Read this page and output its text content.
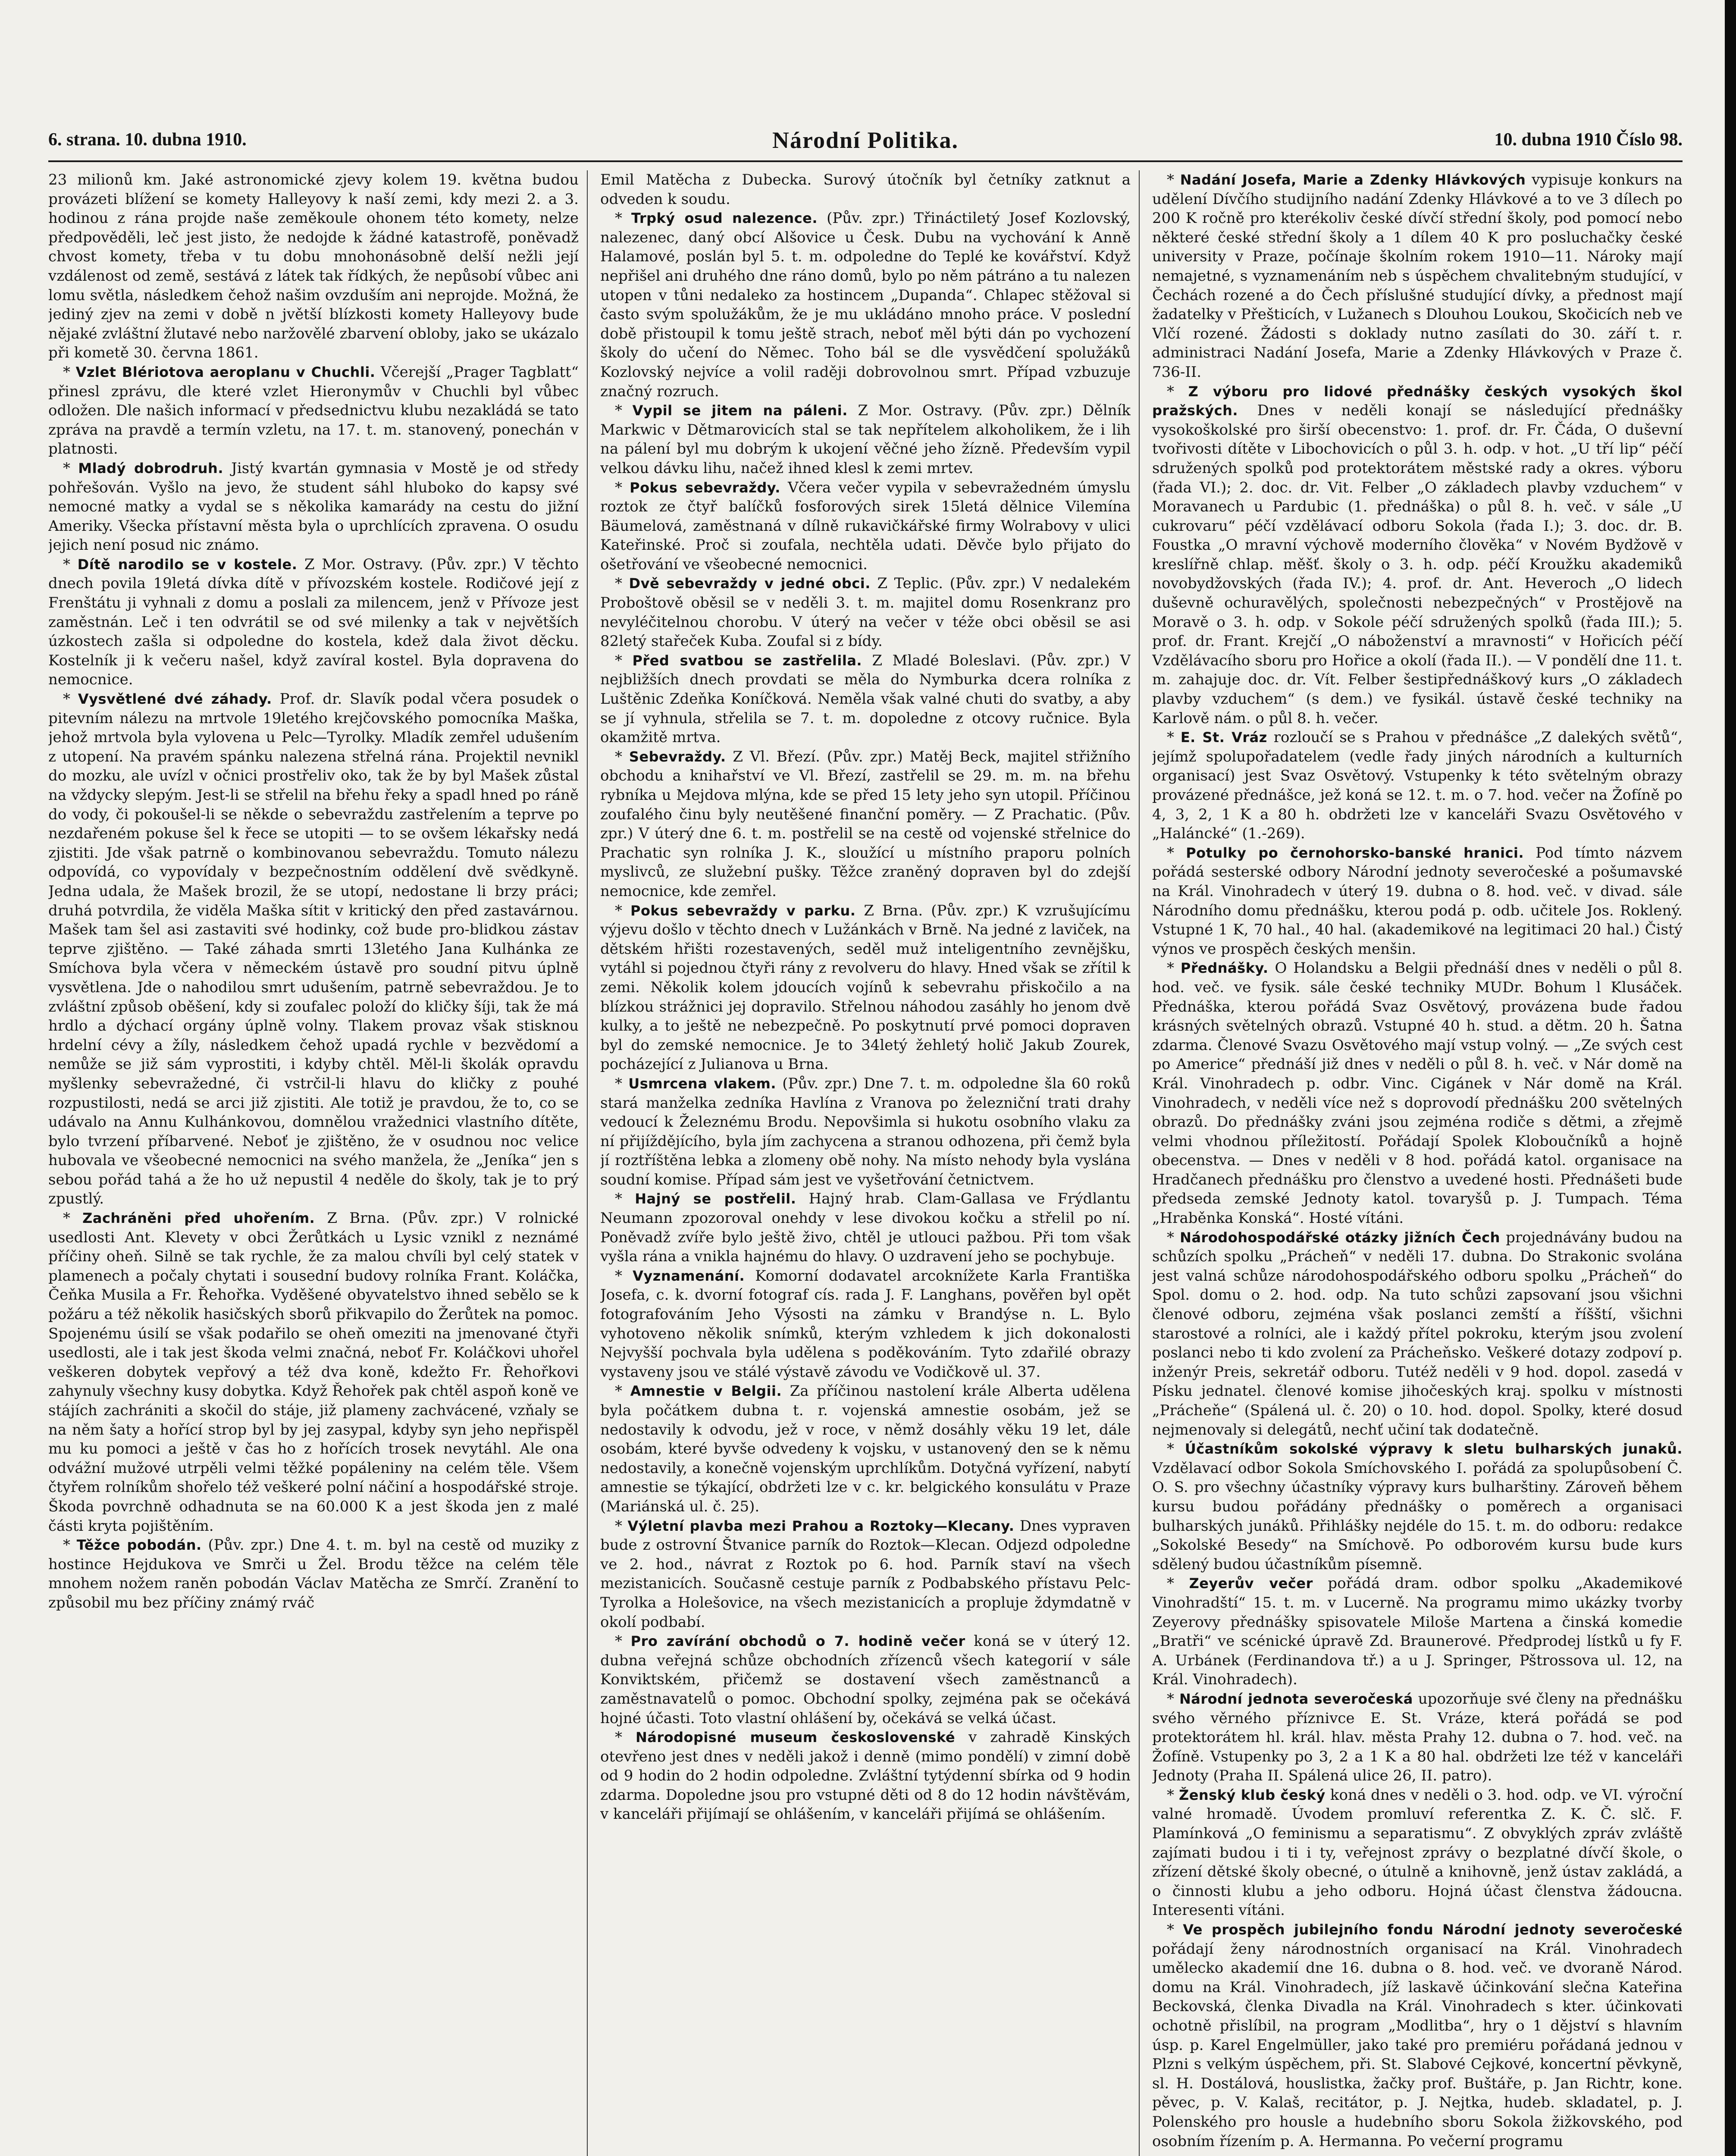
6. strana. 10. dubna 1910.	Národní Politika.	10. dubna 1910 Číslo 98.

23 milionů km. Jaké astronomické zjevy kolem 19. května budou provázeti blížení se komety Halleyovy k naší zemi, kdy mezi 2. a 3. hodinou z rána projde naše zeměkoule ohonem této komety, nelze předpověděli, leč jest jisto, že nedojde k žádné katastrofě, poněvadž chvost komety, třeba v tu dobu mnohonásobně delší nežli její vzdálenost od země, sestává z látek tak řídkých, že nepůsobí vůbec ani lomu světla, následkem čehož našim ovzduším ani neprojde. Možná, že jediný zjev na zemi v době n jvětší blízkosti komety Halleyovy bude nějaké zvláštní žlutavé nebo naržovělé zbarvení obloby, jako se ukázalo při kometě 30. června 1861.

* Vzlet Blériotova aeroplanu v Chuchli. Včerejší „Prager Tagblatt“ přinesl zprávu, dle které vzlet Hieronymův v Chuchli byl vůbec odložen. Dle našich informací v předsednictvu klubu nezakládá se tato zpráva na pravdě a termín vzletu, na 17. t. m. stanovený, ponechán v platnosti.

* Mladý dobrodruh. Jistý kvartán gymnasia v Mostě je od středy pohřešován. Vyšlo na jevo, že student sáhl hluboko do kapsy své nemocné matky a vydal se s několika kamarády na cestu do jižní Ameriky. Všecka přístavní města byla o uprchlících zpravena. O osudu jejich není posud nic známo.

* Dítě narodilo se v kostele. Z Mor. Ostravy. (Pův. zpr.) V těchto dnech povila 19letá dívka dítě v přívozském kostele. Rodičové její z Frenštátu ji vyhnali z domu a poslali za milencem, jenž v Přívoze jest zaměstnán. Leč i ten odvrátil se od své milenky a tak v největších úzkostech zašla si odpoledne do kostela, kdež dala život děcku. Kostelník ji k večeru našel, když zavíral kostel. Byla dopravena do nemocnice.

* Vysvětlené dvé záhady. Prof. dr. Slavík podal včera posudek o pitevním nálezu na mrtvole 19letého krejčovského pomocníka Maška, jehož mrtvola byla vylovena u Pelc—Tyrolky. Mladík zemřel udušením z utopení. Na pravém spánku nalezena střelná rána. Projektil nevnikl do mozku, ale uvízl v očnici prostřeliv oko, tak že by byl Mašek zůstal na vždycky slepým. Jest-li se střelil na břehu řeky a spadl hned po ráně do vody, či pokoušel-li se někde o sebevraždu zastřelením a teprve po nezdařeném pokuse šel k řece se utopiti — to se ovšem lékařsky nedá zjistiti. Jde však patrně o kombinovanou sebevraždu. Tomuto nálezu odpovídá, co vypovídaly v bezpečnostním oddělení dvě svědkyně. Jedna udala, že Mašek brozil, že se utopí, nedostane li brzy práci; druhá potvrdila, že viděla Maška sítit v kritický den před zastavárnou. Mašek tam šel asi zastaviti své hodinky, což bude pro-blidkou zástav teprve zjištěno. — Také záhada smrti 13letého Jana Kulhánka ze Smíchova byla včera v německém ústavě pro soudní pitvu úplně vysvětlena. Jde o nahodilou smrt udušením, patrně sebevraždou. Je to zvláštní způsob oběšení, kdy si zoufalec položí do kličky šíji, tak že má hrdlo a dýchací orgány úplně volny. Tlakem provaz však stisknou hrdelní cévy a žíly, následkem čehož upadá rychle v bezvědomí a nemůže se již sám vyprostiti, i kdyby chtěl. Měl-li školák opravdu myšlenky sebevražedné, či vstrčil-li hlavu do kličky z pouhé rozpustilosti, nedá se arci již zjistiti. Ale totiž je pravdou, že to, co se udávalo na Annu Kulhánkovou, domnělou vražednici vlastního dítěte, bylo tvrzení příbarvené. Neboť je zjištěno, že v osudnou noc velice hubovala ve všeobecné nemocnici na svého manžela, že „Jeníka“ jen s sebou pořád tahá a že ho už nepustil 4 neděle do školy, tak je to prý zpustlý.

* Zachráněni před uhořením. Z Brna. (Pův. zpr.) V rolnické usedlosti Ant. Klevety v obci Žerůtkách u Lysic vznikl z neznámé příčiny oheň. Silně se tak rychle, že za malou chvíli byl celý statek v plamenech a počaly chytati i sousední budovy rolníka Frant. Koláčka, Čeňka Musila a Fr. Řehořka. Vyděšené obyvatelstvo ihned sebělo se k požáru a též několik hasičských sborů přikvapilo do Žerůtek na pomoc. Spojenému úsilí se však podařilo se oheň omeziti na jmenované čtyři usedlosti, ale i tak jest škoda velmi značná, neboť Fr. Koláčkovi uhořel veškeren dobytek vepřový a též dva koně, kdežto Fr. Řehořkovi zahynuly všechny kusy dobytka. Když Řehořek pak chtěl aspoň koně ve stájích zachrániti a skočil do stáje, již plameny zachvácené, vzňaly se na něm šaty a hořící strop byl by jej zasypal, kdyby syn jeho nepřispěl mu ku pomoci a ještě v čas ho z hořících trosek nevytáhl. Ale ona odvážní mužové utrpěli velmi těžké popáleniny na celém těle. Všem čtyřem rolníkům shořelo též veškeré polní náčiní a hospodářské stroje. Škoda povrchně odhadnuta se na 60.000 K a jest škoda jen z malé části kryta pojištěním.

* Těžce pobodán. (Pův. zpr.) Dne 4. t. m. byl na cestě od muziky z hostince Hejdukova ve Smrči u Žel. Brodu těžce na celém těle mnohem nožem raněn pobodán Václav Matěcha ze Smrčí. Zranění to způsobil mu bez příčiny známý rváč

Emil Matěcha z Dubecka. Surový útočník byl četníky zatknut a odveden k soudu.

* Trpký osud nalezence. (Pův. zpr.) Třináctiletý Josef Kozlovský, nalezenec, daný obcí Alšovice u Česk. Dubu na vychování k Anně Halamové, poslán byl 5. t. m. odpoledne do Teplé ke kovářství. Když nepřišel ani druhého dne ráno domů, bylo po něm pátráno a tu nalezen utopen v tůni nedaleko za hostincem „Dupanda“. Chlapec stěžoval si často svým spolužákům, že je mu ukládáno mnoho práce. V poslední době přistoupil k tomu ještě strach, neboť měl býti dán po vychození školy do učení do Němec. Toho bál se dle vysvědčení spolužáků Kozlovský nejvíce a volil raději dobrovolnou smrt. Případ vzbuzuje značný rozruch.

* Vypil se jitem na páleni. Z Mor. Ostravy. (Pův. zpr.) Dělník Markwic v Dětmarovicích stal se tak nepřítelem alkoholikem, že i lih na pálení byl mu dobrým k ukojení věčné jeho žízně. Především vypil velkou dávku lihu, načež ihned klesl k zemi mrtev.

* Pokus sebevraždy. Včera večer vypila v sebevražedném úmyslu roztok ze čtyř balíčků fosforových sirek 15letá dělnice Vilemína Bäumelová, zaměstnaná v dílně rukavičkářské firmy Wolrabovy v ulici Kateřinské. Proč si zoufala, nechtěla udati. Děvče bylo přijato do ošetřování ve všeobecné nemocnici.

* Dvě sebevraždy v jedné obci. Z Teplic. (Pův. zpr.) V nedalekém Proboštově oběsil se v neděli 3. t. m. majitel domu Rosenkranz pro nevyléčitelnou chorobu. V úterý na večer v téže obci oběsil se asi 82letý stařeček Kuba. Zoufal si z bídy.

* Před svatbou se zastřelila. Z Mladé Boleslavi. (Pův. zpr.) V nejbližších dnech provdati se měla do Nymburka dcera rolníka z Luštěnic Zdeňka Koníčková. Neměla však valné chuti do svatby, a aby se jí vyhnula, střelila se 7. t. m. dopoledne z otcovy ručnice. Byla okamžitě mrtva.

* Sebevraždy. Z Vl. Březí. (Pův. zpr.) Matěj Beck, majitel střižního obchodu a knihařství ve Vl. Březí, zastřelil se 29. m. m. na břehu rybníka u Mejdova mlýna, kde se před 15 lety jeho syn utopil. Příčinou zoufalého činu byly neutěšené finanční poměry. — Z Prachatic. (Pův. zpr.) V úterý dne 6. t. m. postřelil se na cestě od vojenské střelnice do Prachatic syn rolníka J. K., sloužící u místního praporu polních myslivců, ze služební pušky. Těžce zraněný dopraven byl do zdejší nemocnice, kde zemřel.

* Pokus sebevraždy v parku. Z Brna. (Pův. zpr.) K vzrušujícímu výjevu došlo v těchto dnech v Lužánkách v Brně. Na jedné z laviček, na dětském hřišti rozestavených, seděl muž inteligentního zevnějšku, vytáhl si pojednou čtyři rány z revolveru do hlavy. Hned však se zřítil k zemi. Několik kolem jdoucích vojínů k sebevrahu přiskočilo a na blízkou strážnici jej dopravilo. Střelnou náhodou zasáhly ho jenom dvě kulky, a to ještě ne nebezpečně. Po poskytnutí prvé pomoci dopraven byl do zemské nemocnice. Je to 34letý žehletý holič Jakub Zourek, pocházející z Julianova u Brna.

* Usmrcena vlakem. (Pův. zpr.) Dne 7. t. m. odpoledne šla 60 roků stará manželka zedníka Havlína z Vranova po železniční trati drahy vedoucí k Železnému Brodu. Nepovšimla si hukotu osobního vlaku za ní přijíždějícího, byla jím zachycena a stranou odhozena, při čemž byla jí roztříštěna lebka a zlomeny obě nohy. Na místo nehody byla vyslána soudní komise. Případ sám jest ve vyšetřování četnictvem.

* Hajný se postřelil. Hajný hrab. Clam-Gallasa ve Frýdlantu Neumann zpozoroval onehdy v lese divokou kočku a střelil po ní. Poněvadž zvíře bylo ještě živo, chtěl je utlouci pažbou. Při tom však vyšla rána a vnikla hajnému do hlavy. O uzdravení jeho se pochybuje.

* Vyznamenání. Komorní dodavatel arcoknížete Karla Františka Josefa, c. k. dvorní fotograf cís. rada J. F. Langhans, pověřen byl opět fotografováním Jeho Výsosti na zámku v Brandýse n. L. Bylo vyhotoveno několik snímků, kterým vzhledem k jich dokonalosti Nejvyšší pochvala byla udělena s poděkováním. Tyto zdařilé obrazy vystaveny jsou ve stálé výstavě závodu ve Vodičkově ul. 37.

* Amnestie v Belgii. Za příčinou nastolení krále Alberta udělena byla počátkem dubna t. r. vojenská amnestie osobám, jež se nedostavily k odvodu, jež v roce, v němž dosáhly věku 19 let, dále osobám, které byvše odvedeny k vojsku, v ustanovený den se k němu nedostavily, a konečně vojenským uprchlíkům. Dotyčná vyřízení, nabytí amnestie se týkající, obdržeti lze v c. kr. belgického konsulátu v Praze (Mariánská ul. č. 25).

* Výletní plavba mezi Prahou a Roztoky—Klecany. Dnes vypraven bude z ostrovní Štvanice parník do Roztok—Klecan. Odjezd odpoledne ve 2. hod., návrat z Roztok po 6. hod. Parník staví na všech mezistanicích. Současně cestuje parník z Podbabského přístavu Pelc-Tyrolka a Holešovice, na všech mezistanicích a propluje ždymdatně v okolí podbabí.

* Pro zavírání obchodů o 7. hodině večer koná se v úterý 12. dubna veřejná schůze obchodních zřízenců všech kategorií v sále Konviktském, přičemž se dostavení všech zaměstnanců a zaměstnavatelů o pomoc. Obchodní spolky, zejména pak se očekává hojné účasti. Toto vlastní ohlášení by, očekává se velká účast.

* Národopisné museum československé v zahradě Kinských otevřeno jest dnes v neděli jakož i denně (mimo pondělí) v zimní době od 9 hodin do 2 hodin odpoledne. Zvláštní tytýdenní sbírka od 9 hodin zdarma. Dopoledne jsou pro vstupné děti od 8 do 12 hodin návštěvám, v kanceláři přijímají se ohlášením, v kanceláři přijímá se ohlášením.

* Nadání Josefa, Marie a Zdenky Hlávkových vypisuje konkurs na udělení Dívčího studijního nadání Zdenky Hlávkové a to ve 3 dílech po 200 K ročně pro kterékoliv české dívčí střední školy, pod pomocí nebo některé české střední školy a 1 dílem 40 K pro posluchačky české university v Praze, počínaje školním rokem 1910—11. Nároky mají nemajetné, s vyznamenáním neb s úspěchem chvalitebným studující, v Čechách rozené a do Čech příslušné studující dívky, a přednost mají žadatelky v Přešticích, v Lužanech s Dlouhou Loukou, Skočicích neb ve Vlčí rozené. Žádosti s doklady nutno zasílati do 30. září t. r. administraci Nadání Josefa, Marie a Zdenky Hlávkových v Praze č. 736-II.

* Z výboru pro lidové přednášky českých vysokých škol pražských. Dnes v neděli konají se následující přednášky vysokoškolské pro širší obecenstvo: 1. prof. dr. Fr. Čáda, O duševní tvořivosti dítěte v Libochovicích o půl 3. h. odp. v hot. „U tří lip“ péčí sdružených spolků pod protektorátem městské rady a okres. výboru (řada VI.); 2. doc. dr. Vit. Felber „O základech plavby vzduchem“ v Moravanech u Pardubic (1. přednáška) o půl 8. h. več. v sále „U cukrovaru“ péčí vzdělávací odboru Sokola (řada I.); 3. doc. dr. B. Foustka „O mravní výchově moderního člověka“ v Novém Bydžově v kreslířně chlap. měšť. školy o 3. h. odp. péčí Kroužku akademiků novobydžovských (řada IV.); 4. prof. dr. Ant. Heveroch „O lidech duševně ochuravělých, společnosti nebezpečných“ v Prostějově na Moravě o 3. h. odp. v Sokole péčí sdružených spolků (řada III.); 5. prof. dr. Frant. Krejčí „O náboženství a mravnosti“ v Hořicích péčí Vzdělávacího sboru pro Hořice a okolí (řada II.). — V pondělí dne 11. t. m. zahajuje doc. dr. Vít. Felber šestipřednáškový kurs „O základech plavby vzduchem“ (s dem.) ve fysikál. ústavě české techniky na Karlově nám. o půl 8. h. večer.

* E. St. Vráz rozloučí se s Prahou v přednášce „Z dalekých světů“, jejímž spolupořadatelem (vedle řady jiných národních a kulturních organisací) jest Svaz Osvětový. Vstupenky k této světelným obrazy provázené přednášce, jež koná se 12. t. m. o 7. hod. večer na Žofíně po 4, 3, 2, 1 K a 80 h. obdržeti lze v kanceláři Svazu Osvětového v „Haláncké“ (1.-269).

* Potulky po černohorsko-banské hranici. Pod tímto názvem pořádá sesterské odbory Národní jednoty severočeské a pošumavské na Král. Vinohradech v úterý 19. dubna o 8. hod. več. v divad. sále Národního domu přednášku, kterou podá p. odb. učitele Jos. Roklený. Vstupné 1 K, 70 hal., 40 hal. (akademikové na legitimaci 20 hal.) Čistý výnos ve prospěch českých menšin.

* Přednášky. O Holandsku a Belgii přednáší dnes v neděli o půl 8. hod. več. ve fysik. sále české techniky MUDr. Bohum l Klusáček. Přednáška, kterou pořádá Svaz Osvětový, provázena bude řadou krásných světelných obrazů. Vstupné 40 h. stud. a dětm. 20 h. Šatna zdarma. Členové Svazu Osvětového mají vstup volný. — „Ze svých cest po Americe“ přednáší již dnes v neděli o půl 8. h. več. v Nár domě na Král. Vinohradech p. odbr. Vinc. Cigánek v Nár domě na Král. Vinohradech, v neděli více než s doprovodí přednášku 200 světelných obrazů. Do přednášky zváni jsou zejména rodiče s dětmi, a zřejmě velmi vhodnou příležitostí. Pořádají Spolek Kloboučníků a hojně obecenstva. — Dnes v neděli v 8 hod. pořádá katol. organisace na Hradčanech přednášku pro členstvo a uvedené hosti. Přednášeti bude předseda zemské Jednoty katol. tovaryšů p. J. Tumpach. Téma „Hraběnka Konská“. Hosté vítáni.

* Národohospodářské otázky jižních Čech projednávány budou na schůzích spolku „Prácheň“ v neděli 17. dubna. Do Strakonic svolána jest valná schůze národohospodářského odboru spolku „Prácheň“ do Spol. domu o 2. hod. odp. Na tuto schůzi zapsovaní jsou všichni členové odboru, zejména však poslanci zemští a říšští, všichni starostové a rolníci, ale i každý přítel pokroku, kterým jsou zvolení poslanci nebo ti kdo zvolení za Prácheňsko. Veškeré dotazy zodpoví p. inženýr Preis, sekretář odboru. Tutéž neděli v 9 hod. dopol. zasedá v Písku jednatel. členové komise jihočeských kraj. spolku v místnosti „Prácheňe“ (Spálená ul. č. 20) o 10. hod. dopol. Spolky, které dosud nejmenovaly si delegátů, nechť učiní tak dodatečně.

* Účastníkům sokolské výpravy k sletu bulharských junaků. Vzdělavací odbor Sokola Smíchovského I. pořádá za spolupůsobení Č. O. S. pro všechny účastníky výpravy kurs bulharštiny. Zároveň během kursu budou pořádány přednášky o poměrech a organisaci bulharských junáků. Přihlášky nejdéle do 15. t. m. do odboru: redakce „Sokolské Besedy“ na Smíchově. Po odborovém kursu bude kurs sdělený budou účastníkům písemně.

* Zeyerův večer pořádá dram. odbor spolku „Akademikové Vinohradští“ 15. t. m. v Lucerně. Na programu mimo ukázky tvorby Zeyerovy přednášky spisovatele Miloše Martena a činská komedie „Bratři“ ve scénické úpravě Zd. Braunerové. Předprodej lístků u fy F. A. Urbánek (Ferdinandova tř.) a u J. Springer, Pštrossova ul. 12, na Král. Vinohradech).

* Národní jednota severočeská upozorňuje své členy na přednášku svého věrného příznivce E. St. Vráze, která pořádá se pod protektorátem hl. král. hlav. města Prahy 12. dubna o 7. hod. več. na Žofíně. Vstupenky po 3, 2 a 1 K a 80 hal. obdržeti lze též v kanceláři Jednoty (Praha II. Spálená ulice 26, II. patro).

* Ženský klub český koná dnes v neděli o 3. hod. odp. ve VI. výroční valné hromadě. Úvodem promluví referentka Z. K. Č. slč. F. Plamínková „O feminismu a separatismu“. Z obvyklých zpráv zvláště zajímati budou i ti i ty, veřejnost zprávy o bezplatné dívčí škole, o zřízení dětské školy obecné, o útulně a knihovně, jenž ústav zakládá, a o činnosti klubu a jeho odboru. Hojná účast členstva žádoucna. Interesenti vítáni.

* Ve prospěch jubilejního fondu Národní jednoty severočeské pořádají ženy národnostních organisací na Král. Vinohradech umělecko akademií dne 16. dubna o 8. hod. več. ve dvoraně Národ. domu na Král. Vinohradech, jíž laskavě účinkování slečna Kateřina Beckovská, členka Divadla na Král. Vinohradech s kter. účinkovati ochotně přislíbil, na program „Modlitba“, hry o 1 dějství s hlavním úsp. p. Karel Engelmüller, jako také pro premiéru pořádaná jednou v Plzni s velkým úspěchem, při. St. Slabové Cejkové, koncertní pěvkyně, sl. H. Dostálová, houslistka, žačky prof. Buštáře, p. Jan Richtr, kone. pěvec, p. V. Kalaš, recitátor, p. J. Nejtka, hudeb. skladatel, p. J. Polenského pro housle a hudebního sboru Sokola žižkovského, pod osobním řízením p. A. Hermanna. Po večerní programu
